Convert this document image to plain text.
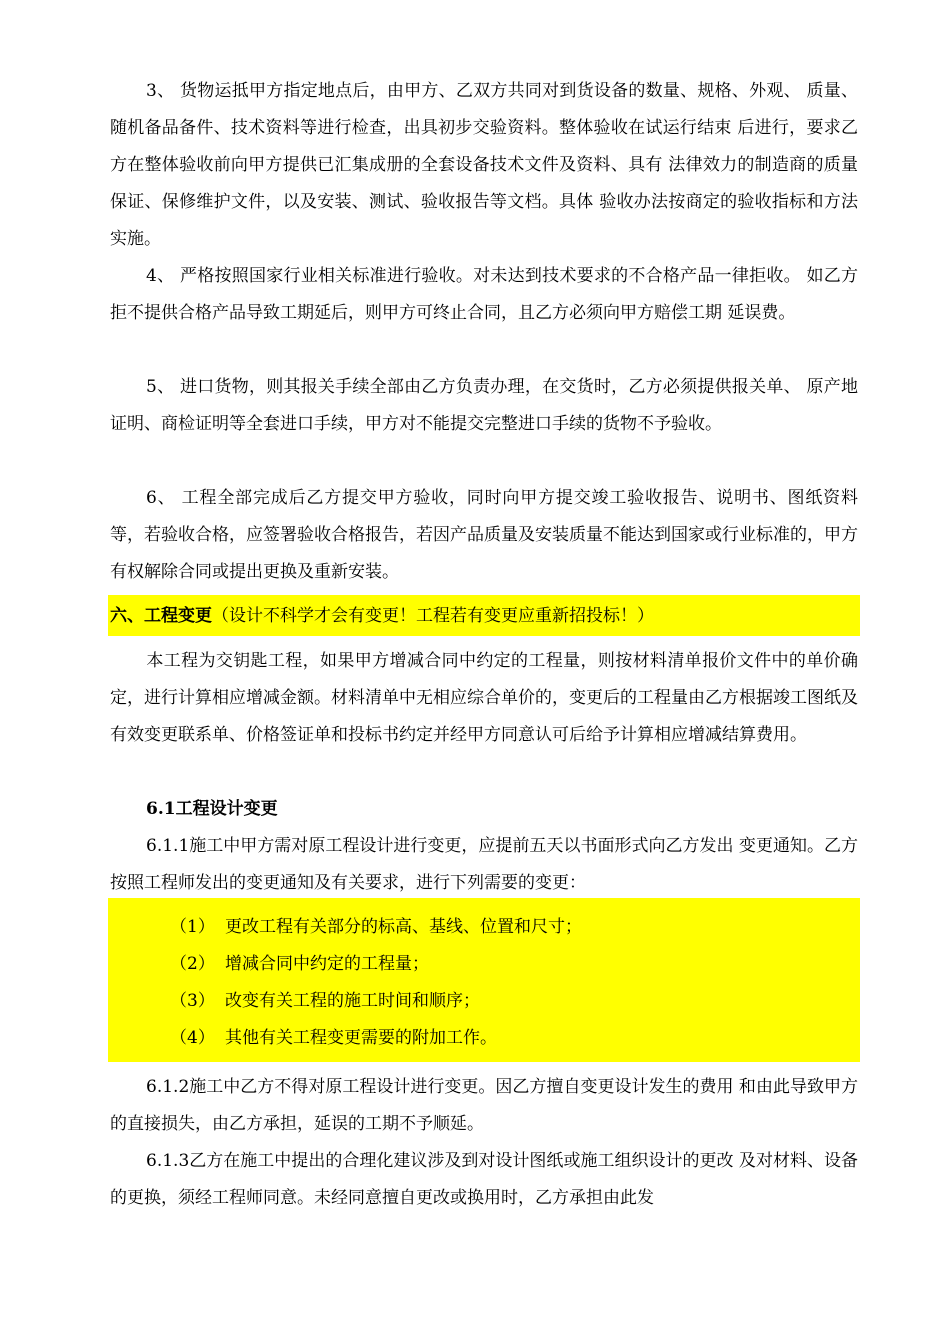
3、 货物运抵甲方指定地点后，由甲方、乙双方共同对到货设备的数量、规格、外观、 质量、随机备品备件、技术资料等进行检查，出具初步交验资料。整体验收在试运行结束 后进行，要求乙方在整体验收前向甲方提供已汇集成册的全套设备技术文件及资料、具有 法律效力的制造商的质量保证、保修维护文件，以及安装、测试、验收报告等文档。具体 验收办法按商定的验收指标和方法实施。

4、 严格按照国家行业相关标准进行验收。对未达到技术要求的不合格产品一律拒收。 如乙方拒不提供合格产品导致工期延后，则甲方可终止合同，且乙方必须向甲方赔偿工期 延误费。

5、 进口货物，则其报关手续全部由乙方负责办理，在交货时，乙方必须提供报关单、 原产地证明、商检证明等全套进口手续，甲方对不能提交完整进口手续的货物不予验收。

6、 工程全部完成后乙方提交甲方验收，同时向甲方提交竣工验收报告、说明书、图纸资料等，若验收合格，应签署验收合格报告，若因产品质量及安装质量不能达到国家或行业标准的，甲方有权解除合同或提出更换及重新安装。

六、工程变更（设计不科学才会有变更！工程若有变更应重新招投标！）

本工程为交钥匙工程，如果甲方增减合同中约定的工程量，则按材料清单报价文件中的单价确定，进行计算相应增减金额。材料清单中无相应综合单价的，变更后的工程量由乙方根据竣工图纸及有效变更联系单、价格签证单和投标书约定并经甲方同意认可后给予计算相应增减结算费用。

6.1工程设计变更

6.1.1施工中甲方需对原工程设计进行变更，应提前五天以书面形式向乙方发出 变更通知。乙方按照工程师发出的变更通知及有关要求，进行下列需要的变更：

（1） 更改工程有关部分的标高、基线、位置和尺寸；
（2） 增减合同中约定的工程量；
（3） 改变有关工程的施工时间和顺序；
（4） 其他有关工程变更需要的附加工作。

6.1.2施工中乙方不得对原工程设计进行变更。因乙方擅自变更设计发生的费用 和由此导致甲方的直接损失，由乙方承担，延误的工期不予顺延。

6.1.3乙方在施工中提出的合理化建议涉及到对设计图纸或施工组织设计的更改 及对材料、设备的更换，须经工程师同意。未经同意擅自更改或换用时，乙方承担由此发
